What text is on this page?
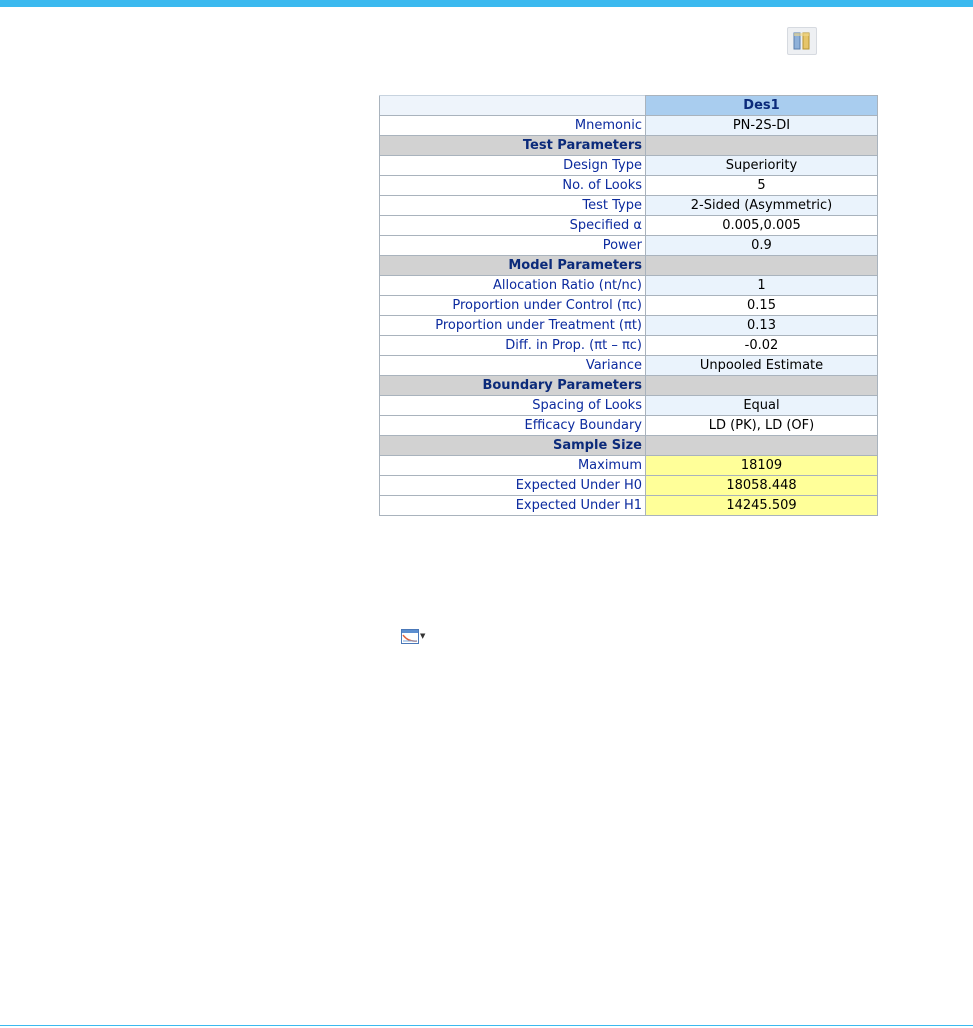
	Des1
Mnemonic	PN-2S-DI
Test Parameters	
Design Type	Superiority
No. of Looks	5
Test Type	2-Sided (Asymmetric)
Specified α	0.005,0.005
Power	0.9
Model Parameters	
Allocation Ratio (nt/nc)	1
Proportion under Control (πc)	0.15
Proportion under Treatment (πt)	0.13
Diff. in Prop. (πt – πc)	-0.02
Variance	Unpooled Estimate
Boundary Parameters	
Spacing of Looks	Equal
Efficacy Boundary	LD (PK), LD (OF)
Sample Size	
Maximum	18109
Expected Under H0	18058.448
Expected Under H1	14245.509
▼
